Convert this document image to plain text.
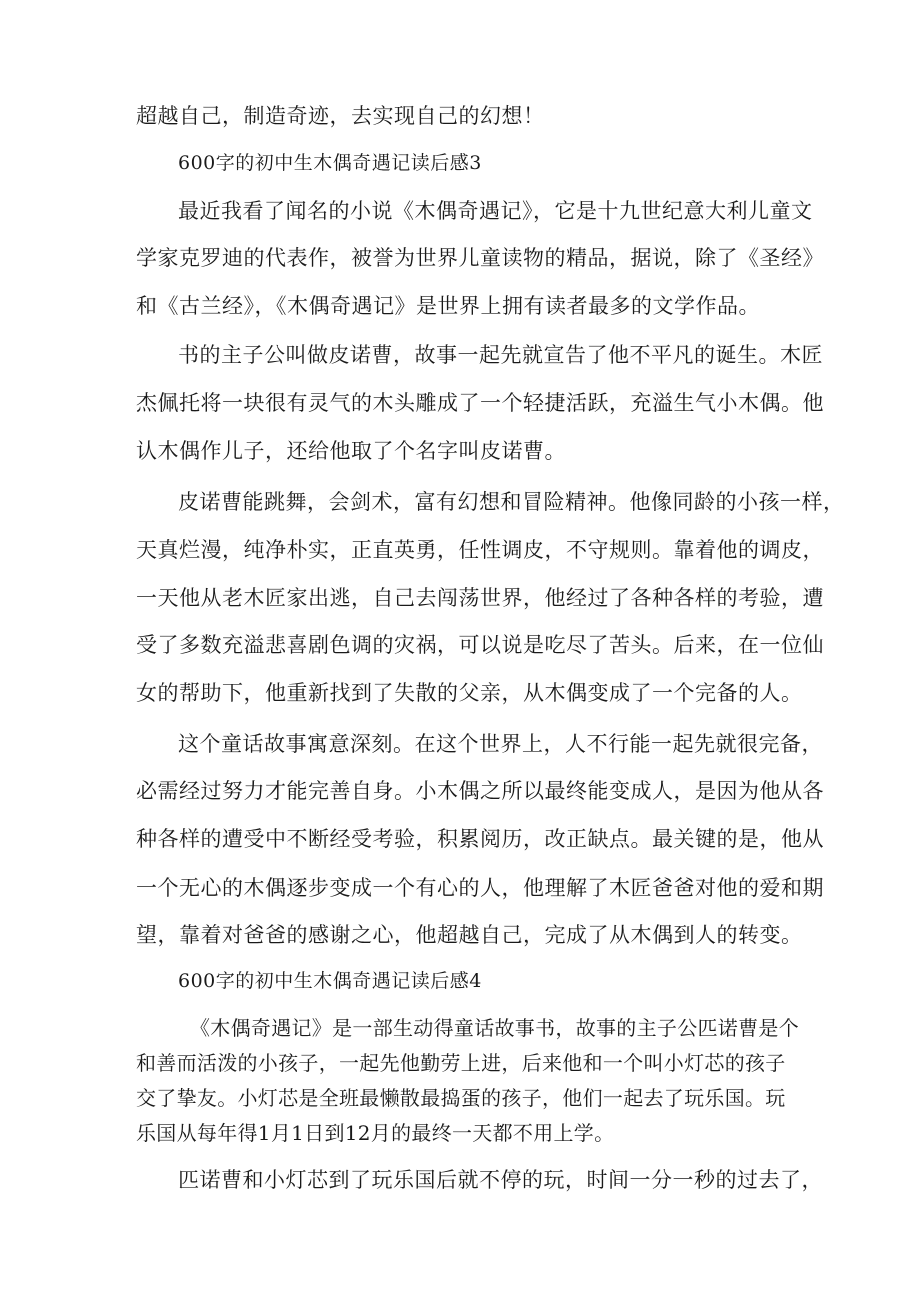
超越自己，制造奇迹，去实现自己的幻想！
600字的初中生木偶奇遇记读后感3
最近我看了闻名的小说《木偶奇遇记》，它是十九世纪意大利儿童文
学家克罗迪的代表作，被誉为世界儿童读物的精品，据说，除了《圣经》
和《古兰经》，《木偶奇遇记》是世界上拥有读者最多的文学作品。
书的主子公叫做皮诺曹，故事一起先就宣告了他不平凡的诞生。木匠
杰佩托将一块很有灵气的木头雕成了一个轻捷活跃，充溢生气小木偶。他
认木偶作儿子，还给他取了个名字叫皮诺曹。
皮诺曹能跳舞，会剑术，富有幻想和冒险精神。他像同龄的小孩一样，
天真烂漫，纯净朴实，正直英勇，任性调皮，不守规则。靠着他的调皮，
一天他从老木匠家出逃，自己去闯荡世界，他经过了各种各样的考验，遭
受了多数充溢悲喜剧色调的灾祸，可以说是吃尽了苦头。后来，在一位仙
女的帮助下，他重新找到了失散的父亲，从木偶变成了一个完备的人。
这个童话故事寓意深刻。在这个世界上，人不行能一起先就很完备，
必需经过努力才能完善自身。小木偶之所以最终能变成人，是因为他从各
种各样的遭受中不断经受考验，积累阅历，改正缺点。最关键的是，他从
一个无心的木偶逐步变成一个有心的人，他理解了木匠爸爸对他的爱和期
望，靠着对爸爸的感谢之心，他超越自己，完成了从木偶到人的转变。
600字的初中生木偶奇遇记读后感4
《木偶奇遇记》是一部生动得童话故事书，故事的主子公匹诺曹是个
和善而活泼的小孩子，一起先他勤劳上进，后来他和一个叫小灯芯的孩子
交了挚友。小灯芯是全班最懒散最捣蛋的孩子，他们一起去了玩乐国。玩
乐国从每年得1月1日到12月的最终一天都不用上学。
匹诺曹和小灯芯到了玩乐国后就不停的玩，时间一分一秒的过去了，
